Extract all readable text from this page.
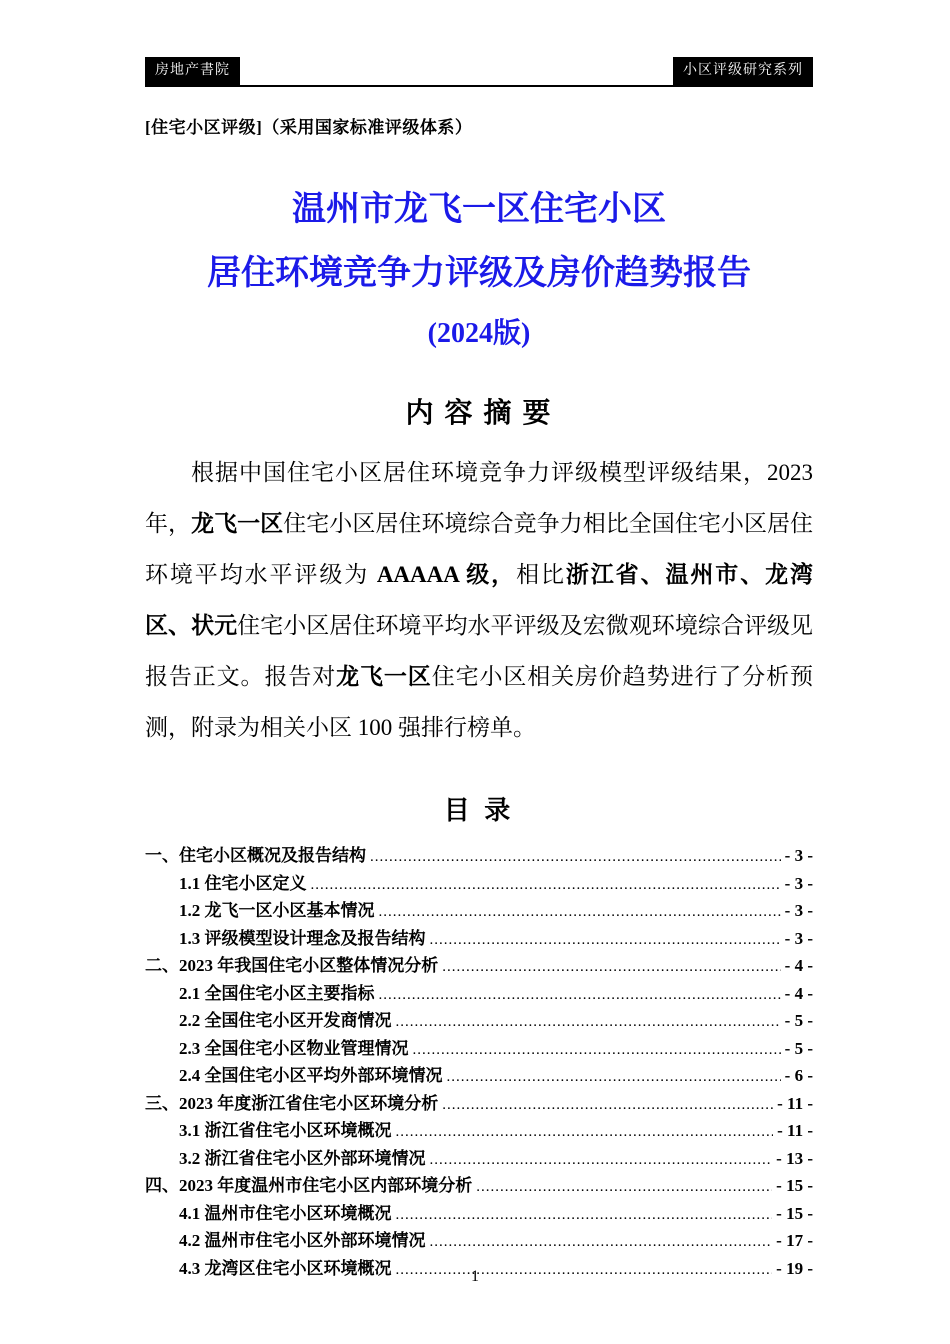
房地产書院	小区评级研究系列
[住宅小区评级]（采用国家标准评级体系）
温州市龙飞一区住宅小区
居住环境竞争力评级及房价趋势报告
(2024版)
内 容 摘 要

根据中国住宅小区居住环境竞争力评级模型评级结果，2023 年，龙飞一区住宅小区居住环境综合竞争力相比全国住宅小区居住环境平均水平评级为 AAAAA 级，相比浙江省、温州市、龙湾区、状元住宅小区居住环境平均水平评级及宏微观环境综合评级见报告正文。报告对龙飞一区住宅小区相关房价趋势进行了分析预测，附录为相关小区 100 强排行榜单。

目 录
一、住宅小区概况及报告结构 .....	- 3 -
1.1 住宅小区定义 .....	- 3 -
1.2 龙飞一区小区基本情况 .....	- 3 -
1.3 评级模型设计理念及报告结构 .....	- 3 -
二、2023 年我国住宅小区整体情况分析 .....	- 4 -
2.1 全国住宅小区主要指标 .....	- 4 -
2.2 全国住宅小区开发商情况 .....	- 5 -
2.3 全国住宅小区物业管理情况 .....	- 5 -
2.4 全国住宅小区平均外部环境情况 .....	- 6 -
三、2023 年度浙江省住宅小区环境分析 .....	- 11 -
3.1 浙江省住宅小区环境概况 .....	- 11 -
3.2 浙江省住宅小区外部环境情况 .....	- 13 -
四、2023 年度温州市住宅小区内部环境分析 .....	- 15 -
4.1 温州市住宅小区环境概况 .....	- 15 -
4.2 温州市住宅小区外部环境情况 .....	- 17 -
4.3 龙湾区住宅小区环境概况 .....	- 19 -
1
